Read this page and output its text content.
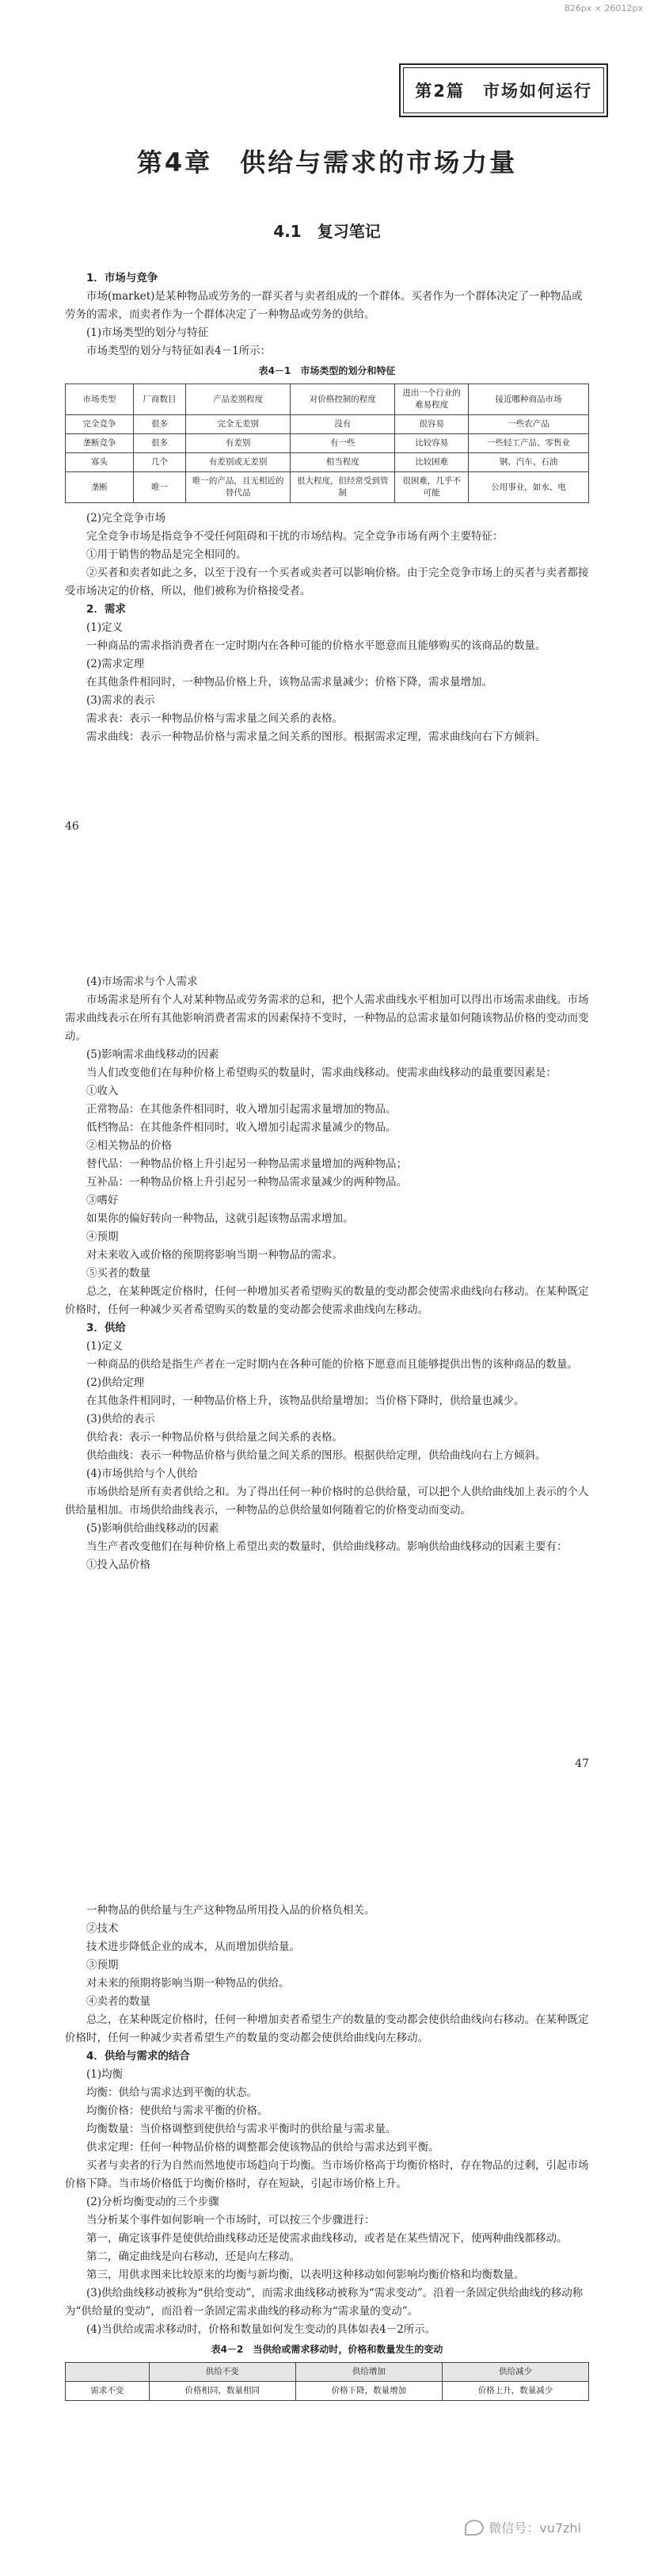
826px × 26012px
第2篇　市场如何运行
第4章　供给与需求的市场力量
4.1　复习笔记

1．市场与竞争

市场(market)是某种物品或劳务的一群买者与卖者组成的一个群体。买者作为一个群体决定了一种物品或劳务的需求，而卖者作为一个群体决定了一种物品或劳务的供给。

(1)市场类型的划分与特征

市场类型的划分与特征如表4－1所示：

表4－1　市场类型的划分和特征
市场类型	厂商数目	产品差别程度	对价格控制的程度	进出一个行业的难易程度	接近哪种商品市场
完全竞争	很多	完全无差别	没有	很容易	一些农产品
垄断竞争	很多	有差别	有一些	比较容易	一些轻工产品、零售业
寡头	几个	有差别或无差别	相当程度	比较困难	钢、汽车、石油
垄断	唯一	唯一的产品，且无相近的替代品	很大程度，但经常受到管制	很困难，几乎不可能	公用事业，如水、电

(2)完全竞争市场

完全竞争市场是指竞争不受任何阻碍和干扰的市场结构。完全竞争市场有两个主要特征：

①用于销售的物品是完全相同的。

②买者和卖者如此之多，以至于没有一个买者或卖者可以影响价格。由于完全竞争市场上的买者与卖者都接受市场决定的价格，所以，他们被称为价格接受者。

2．需求

(1)定义

一种商品的需求指消费者在一定时期内在各种可能的价格水平愿意而且能够购买的该商品的数量。

(2)需求定理

在其他条件相同时，一种物品价格上升，该物品需求量减少；价格下降，需求量增加。

(3)需求的表示

需求表：表示一种物品价格与需求量之间关系的表格。

需求曲线：表示一种物品价格与需求量之间关系的图形。根据需求定理，需求曲线向右下方倾斜。

46

(4)市场需求与个人需求

市场需求是所有个人对某种物品或劳务需求的总和，把个人需求曲线水平相加可以得出市场需求曲线。市场需求曲线表示在所有其他影响消费者需求的因素保持不变时，一种物品的总需求量如何随该物品价格的变动而变动。

(5)影响需求曲线移动的因素

当人们改变他们在每种价格上希望购买的数量时，需求曲线移动。使需求曲线移动的最重要因素是：

①收入

正常物品：在其他条件相同时，收入增加引起需求量增加的物品。

低档物品：在其他条件相同时，收入增加引起需求量减少的物品。

②相关物品的价格

替代品：一种物品价格上升引起另一种物品需求量增加的两种物品；

互补品：一种物品价格上升引起另一种物品需求量减少的两种物品。

③嗜好

如果你的偏好转向一种物品，这就引起该物品需求增加。

④预期

对未来收入或价格的预期将影响当期一种物品的需求。

⑤买者的数量

总之，在某种既定价格时，任何一种增加买者希望购买的数量的变动都会使需求曲线向右移动。在某种既定价格时，任何一种减少买者希望购买的数量的变动都会使需求曲线向左移动。

3．供给

(1)定义

一种商品的供给是指生产者在一定时期内在各种可能的价格下愿意而且能够提供出售的该种商品的数量。

(2)供给定理

在其他条件相同时，一种物品价格上升，该物品供给量增加；当价格下降时，供给量也减少。

(3)供给的表示

供给表：表示一种物品价格与供给量之间关系的表格。

供给曲线：表示一种物品价格与供给量之间关系的图形。根据供给定理，供给曲线向右上方倾斜。

(4)市场供给与个人供给

市场供给是所有卖者供给之和。为了得出任何一种价格时的总供给量，可以把个人供给曲线加上表示的个人供给量相加。市场供给曲线表示，一种物品的总供给量如何随着它的价格变动而变动。

(5)影响供给曲线移动的因素

当生产者改变他们在每种价格上希望出卖的数量时，供给曲线移动。影响供给曲线移动的因素主要有：

①投入品价格

47

一种物品的供给量与生产这种物品所用投入品的价格负相关。

②技术

技术进步降低企业的成本，从而增加供给量。

③预期

对未来的预期将影响当期一种物品的供给。

④卖者的数量

总之，在某种既定价格时，任何一种增加卖者希望生产的数量的变动都会使供给曲线向右移动。在某种既定价格时，任何一种减少卖者希望生产的数量的变动都会使供给曲线向左移动。

4．供给与需求的结合

(1)均衡

均衡：供给与需求达到平衡的状态。

均衡价格：使供给与需求平衡的价格。

均衡数量：当价格调整到使供给与需求平衡时的供给量与需求量。

供求定理：任何一种物品价格的调整都会使该物品的供给与需求达到平衡。

买者与卖者的行为自然而然地使市场趋向于均衡。当市场价格高于均衡价格时，存在物品的过剩，引起市场价格下降。当市场价格低于均衡价格时，存在短缺，引起市场价格上升。

(2)分析均衡变动的三个步骤

当分析某个事件如何影响一个市场时，可以按三个步骤进行：

第一，确定该事件是使供给曲线移动还是使需求曲线移动，或者是在某些情况下，使两种曲线都移动。

第二，确定曲线是向右移动，还是向左移动。

第三，用供求图来比较原来的均衡与新均衡，以表明这种移动如何影响均衡价格和均衡数量。

(3)供给曲线移动被称为“供给变动”，而需求曲线移动被称为“需求变动”。沿着一条固定供给曲线的移动称为“供给量的变动”，而沿着一条固定需求曲线的移动称为“需求量的变动”。

(4)当供给或需求移动时，价格和数量如何发生变动的具体如表4－2所示。

表4－2　当供给或需求移动时，价格和数量发生的变动
	供给不变	供给增加	供给减少
需求不变	价格相同，数量相同	价格下降，数量增加	价格上升，数量减少
微信号：vu7zhi
